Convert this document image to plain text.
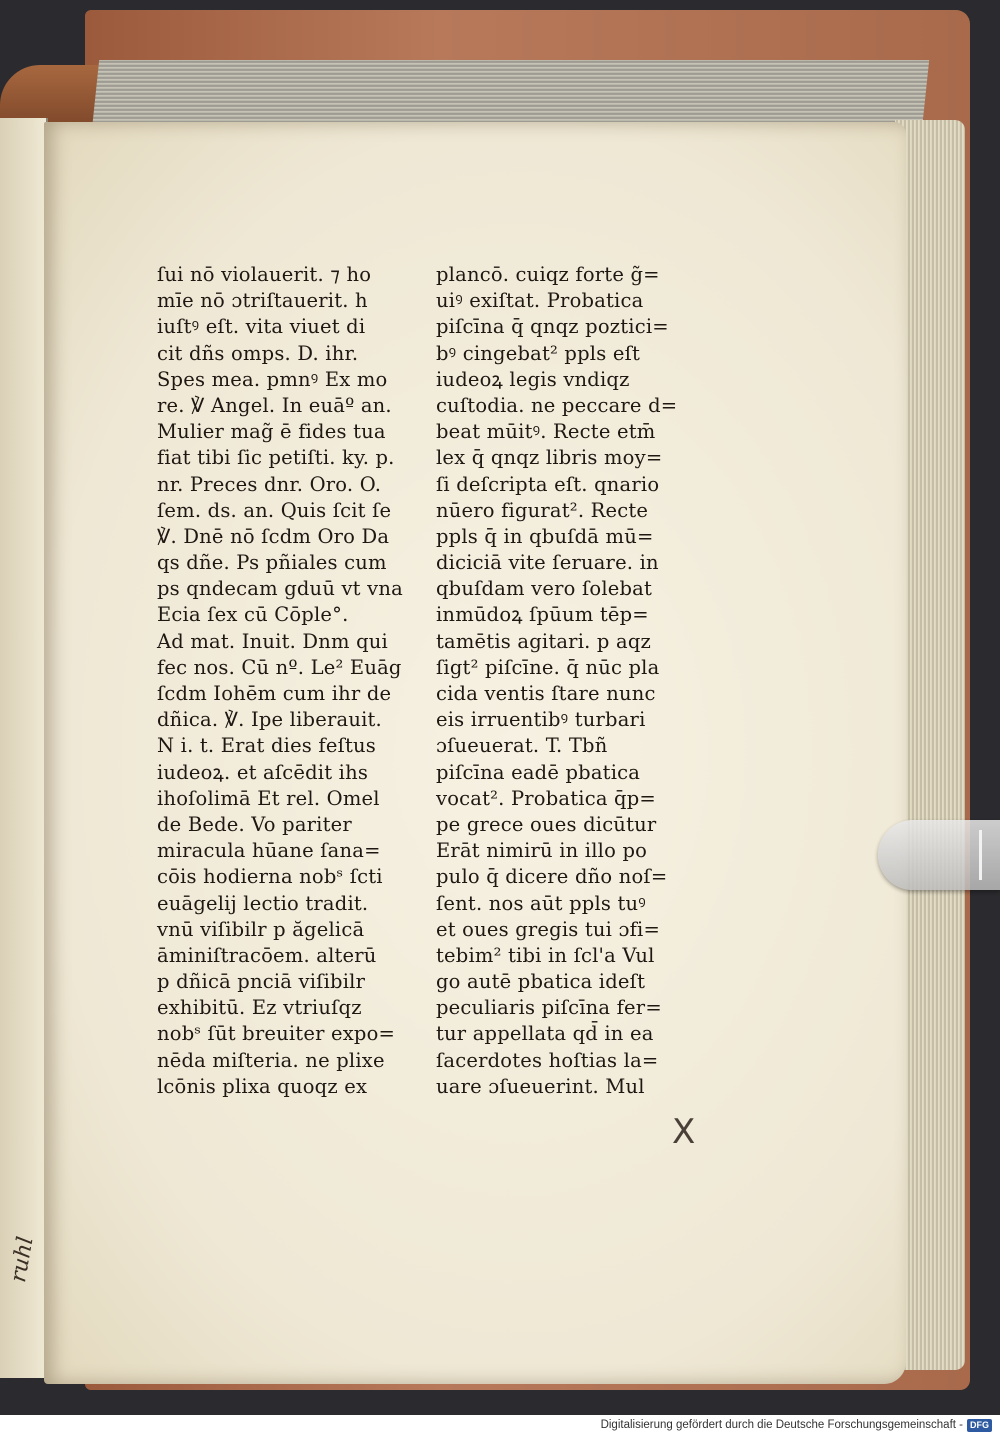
ruhl
ſui nō violauerit. ⁊ ho
mīe nō ɔtriſtauerit. h
iuſtꝰ eſt. vita viuet di
cit dñs omps. D. ihr.
Spes mea. pmnꝰ Ex mo
re. ℣ Angel. In euāº an.
Mulier mag̃ ē fides tua
fiat tibi ſic petiſti. ky. p.
nr. Preces dnr. Oro. O.
ſem. ds. an. Quis ſcit ſe
℣. Dnē nō ſcdm Oro Da
qs dñe. Ps pñiales cum
ps qndecam gduū vt vna
Ecia ſex cū Cōple°.
Ad mat. Inuit. Dnm qui
fec nos. Cū nº. Le² Euāg
ſcdm Iohēm cum ihr de
dñica. ℣. Ipe liberauit.
N i. t. Erat dies feſtus
iudeoꝝ. et aſcēdit ihs
ihoſolimā Et rel. Omel
de Bede. Vo pariter
miracula hūane ſana=
cōis hodierna nobˢ ſcti
euāgelij lectio tradit.
vnū viſibilr p ăgelicā
āminiſtracōem. alterū
p dñicā pnciā viſibilr
exhibitū. Ez vtriuſqz
nobˢ ſūt breuiter expo=
nēda miſteria. ne plixe
lcōnis plixa quoqz ex
plancō. cuiqz forte g̃=
uiꝰ exiſtat. Probatica
piſcīna q̄ qnqz poztici=
bꝰ cingebat² ppls eſt
iudeoꝝ legis vndiqz
cuſtodia. ne peccare d=
beat mūitꝰ. Recte etm̄
lex q̄ qnqz libris moy=
ſi deſcripta eſt. qnario
nūero figurat². Recte
ppls q̄ in qbuſdā mū=
diciciā vite ſeruare. in
qbuſdam vero ſolebat
inmūdoꝝ ſpūum tēp=
tamētis agitari. p aqz
ſigt² piſcīne. q̄ nūc pla
cida ventis ſtare nunc
eis irruentibꝰ turbari
ɔſueuerat. T. Tbñ
piſcīna eadē pbatica
vocat². Probatica q̄p=
pe grece oues dicūtur
Erāt nimirū in illo po
pulo q̄ dicere dño noſ=
ſent. nos aūt ppls tuꝰ
et oues gregis tui ɔfi=
tebim² tibi in ſcl'a Vul
go autē pbatica ideſt
peculiaris piſcīna fer=
tur appellata qd̄ in ea
ſacerdotes hoſtias la=
uare ɔſueuerint. Mul
X
Digitalisierung gefördert durch die Deutsche Forschungsgemeinschaft - DFG
